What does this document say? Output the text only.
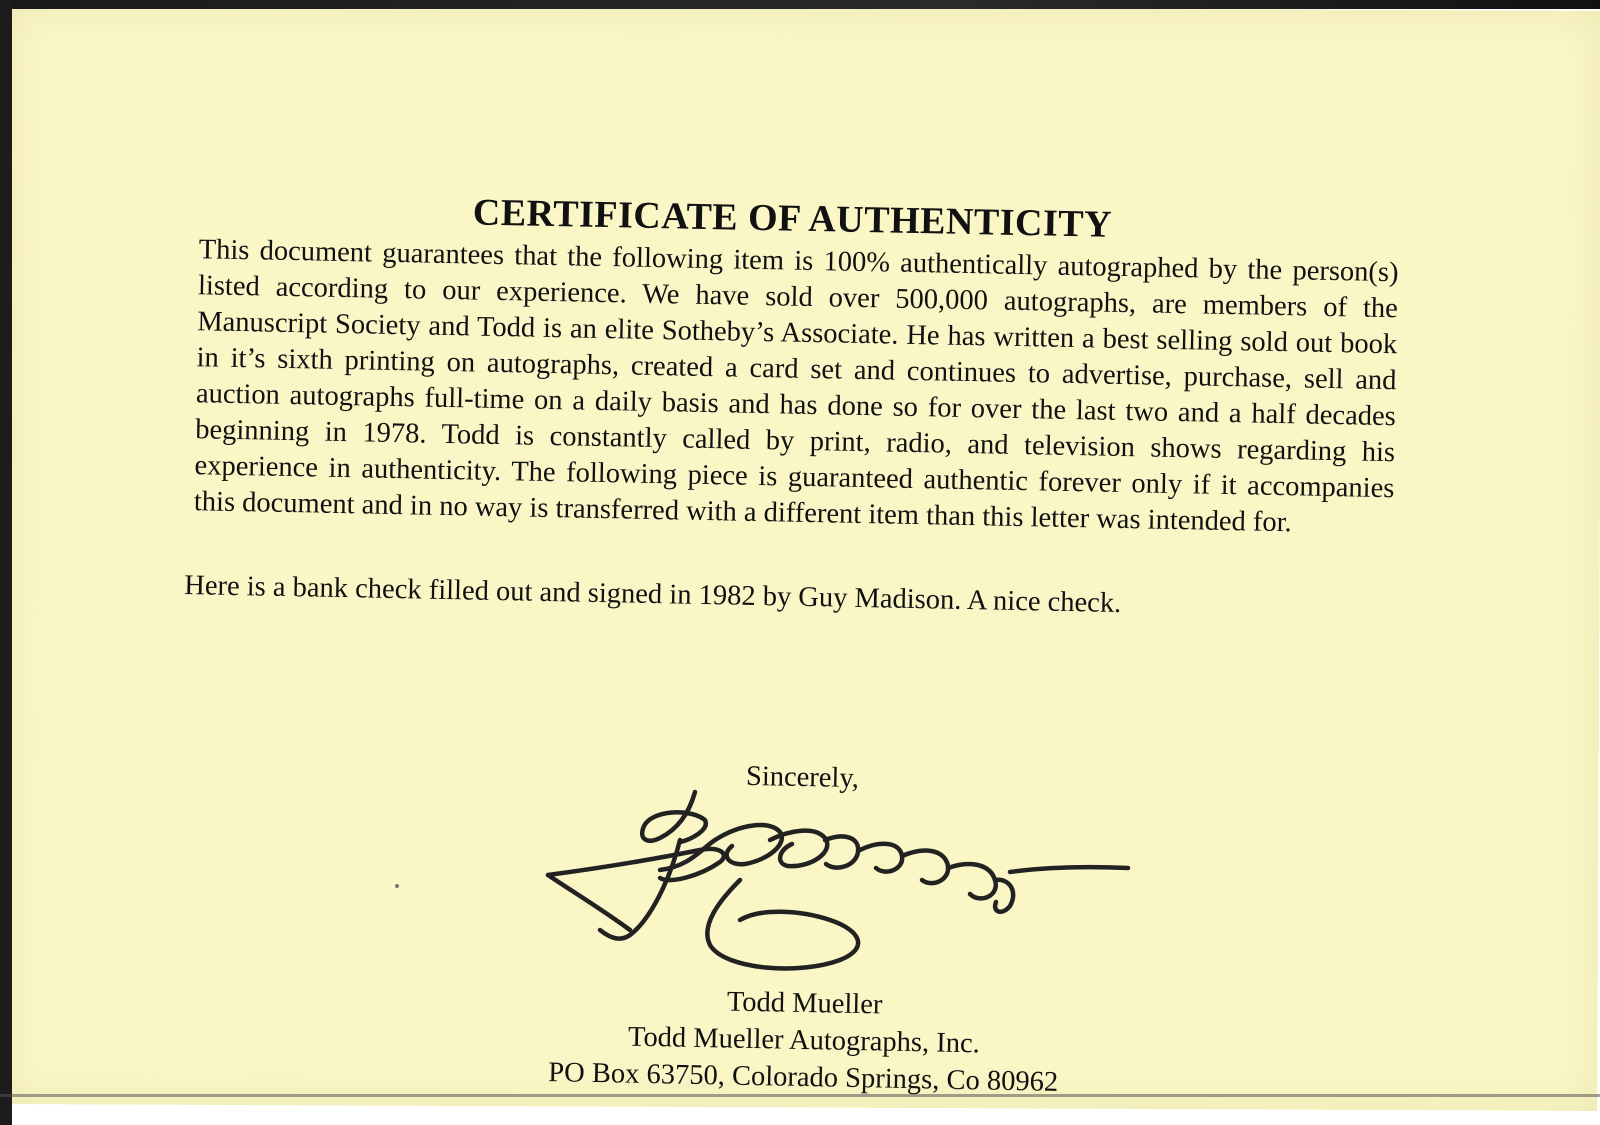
CERTIFICATE OF AUTHENTICITY

This document guarantees that the following item is 100% authentically autographed by the person(s) listed according to our experience. We have sold over 500,000 autographs, are members of the Manuscript Society and Todd is an elite Sotheby’s Associate. He has written a best selling sold out book in it’s sixth printing on autographs, created a card set and continues to advertise, purchase, sell and auction autographs full-time on a daily basis and has done so for over the last two and a half decades beginning in 1978. Todd is constantly called by print, radio, and television shows regarding his experience in authenticity. The following piece is guaranteed authentic forever only if it accompanies this document and in no way is transferred with a different item than this letter was intended for.

Here is a bank check filled out and signed in 1982 by Guy Madison. A nice check.

Sincerely,
Todd Mueller
Todd Mueller Autographs, Inc.
PO Box 63750, Colorado Springs, Co 80962
